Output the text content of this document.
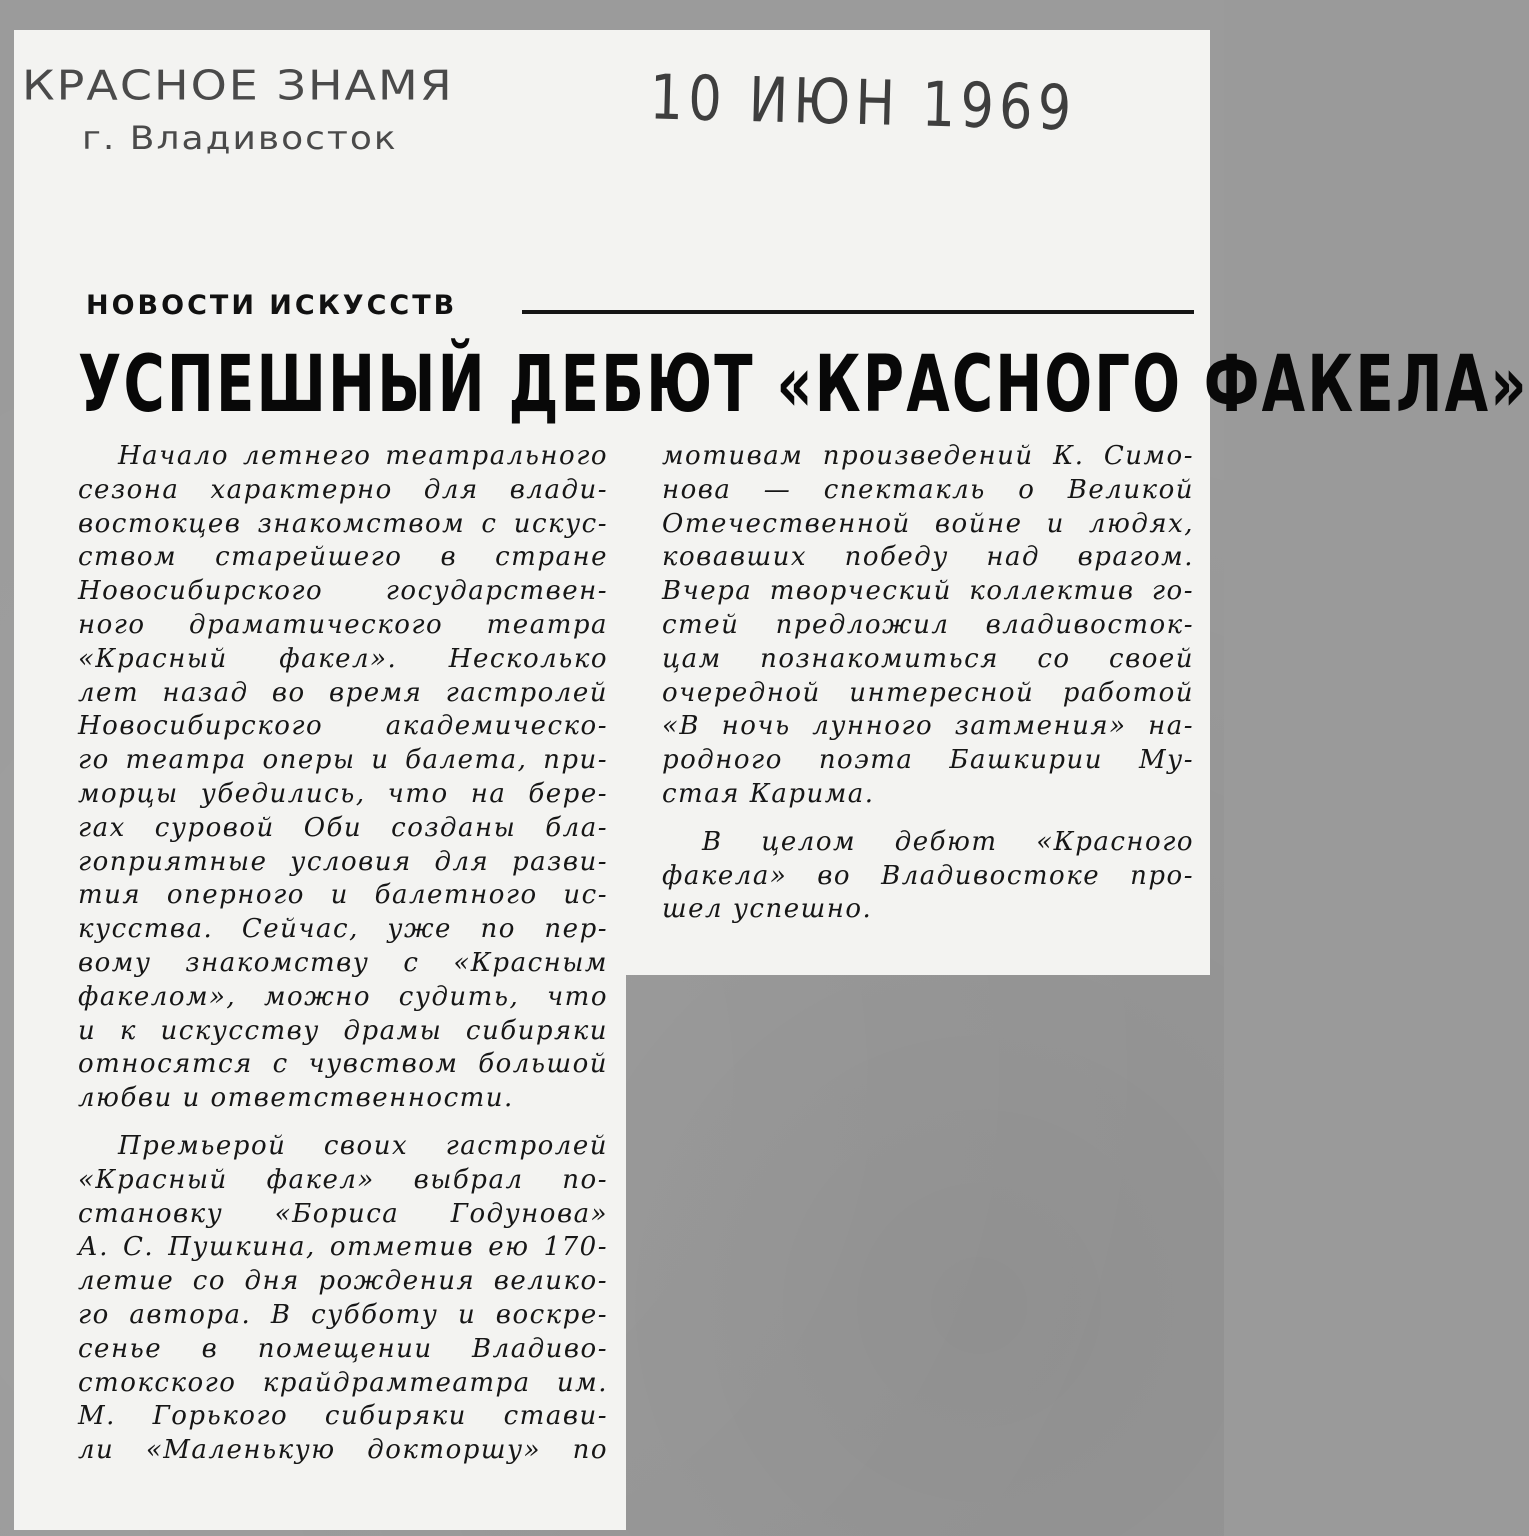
КРАСНОЕ ЗНАМЯ
г. Владивосток	10 ИЮН 1969
НОВОСТИ ИСКУССТВ
УСПЕШНЫЙ ДЕБЮТ «КРАСНОГО ФАКЕЛА»
Начало летнего театрального
сезона характерно для влади-
востокцев знакомством с искус-
ством старейшего в стране
Новосибирского государствен-
ного драматического театра
«Красный факел». Несколько
лет назад во время гастролей
Новосибирского академическо-
го театра оперы и балета, при-
морцы убедились, что на бере-
гах суровой Оби созданы бла-
гоприятные условия для разви-
тия оперного и балетного ис-
кусства. Сейчас, уже по пер-
вому знакомству с «Красным
факелом», можно судить, что
и к искусству драмы сибиряки
относятся с чувством большой
любви и ответственности.
Премьерой своих гастролей
«Красный факел» выбрал по-
становку «Бориса Годунова»
А. С. Пушкина, отметив ею 170-
летие со дня рождения велико-
го автора. В субботу и воскре-
сенье в помещении Владиво-
стокского крайдрамтеатра им.
М. Горького сибиряки стави-
ли «Маленькую докторшу» по
мотивам произведений К. Симо-
нова — спектакль о Великой
Отечественной войне и людях,
ковавших победу над врагом.
Вчера творческий коллектив го-
стей предложил владивосток-
цам познакомиться со своей
очередной интересной работой
«В ночь лунного затмения» на-
родного поэта Башкирии Му-
стая Карима.
В целом дебют «Красного
факела» во Владивостоке про-
шел успешно.
